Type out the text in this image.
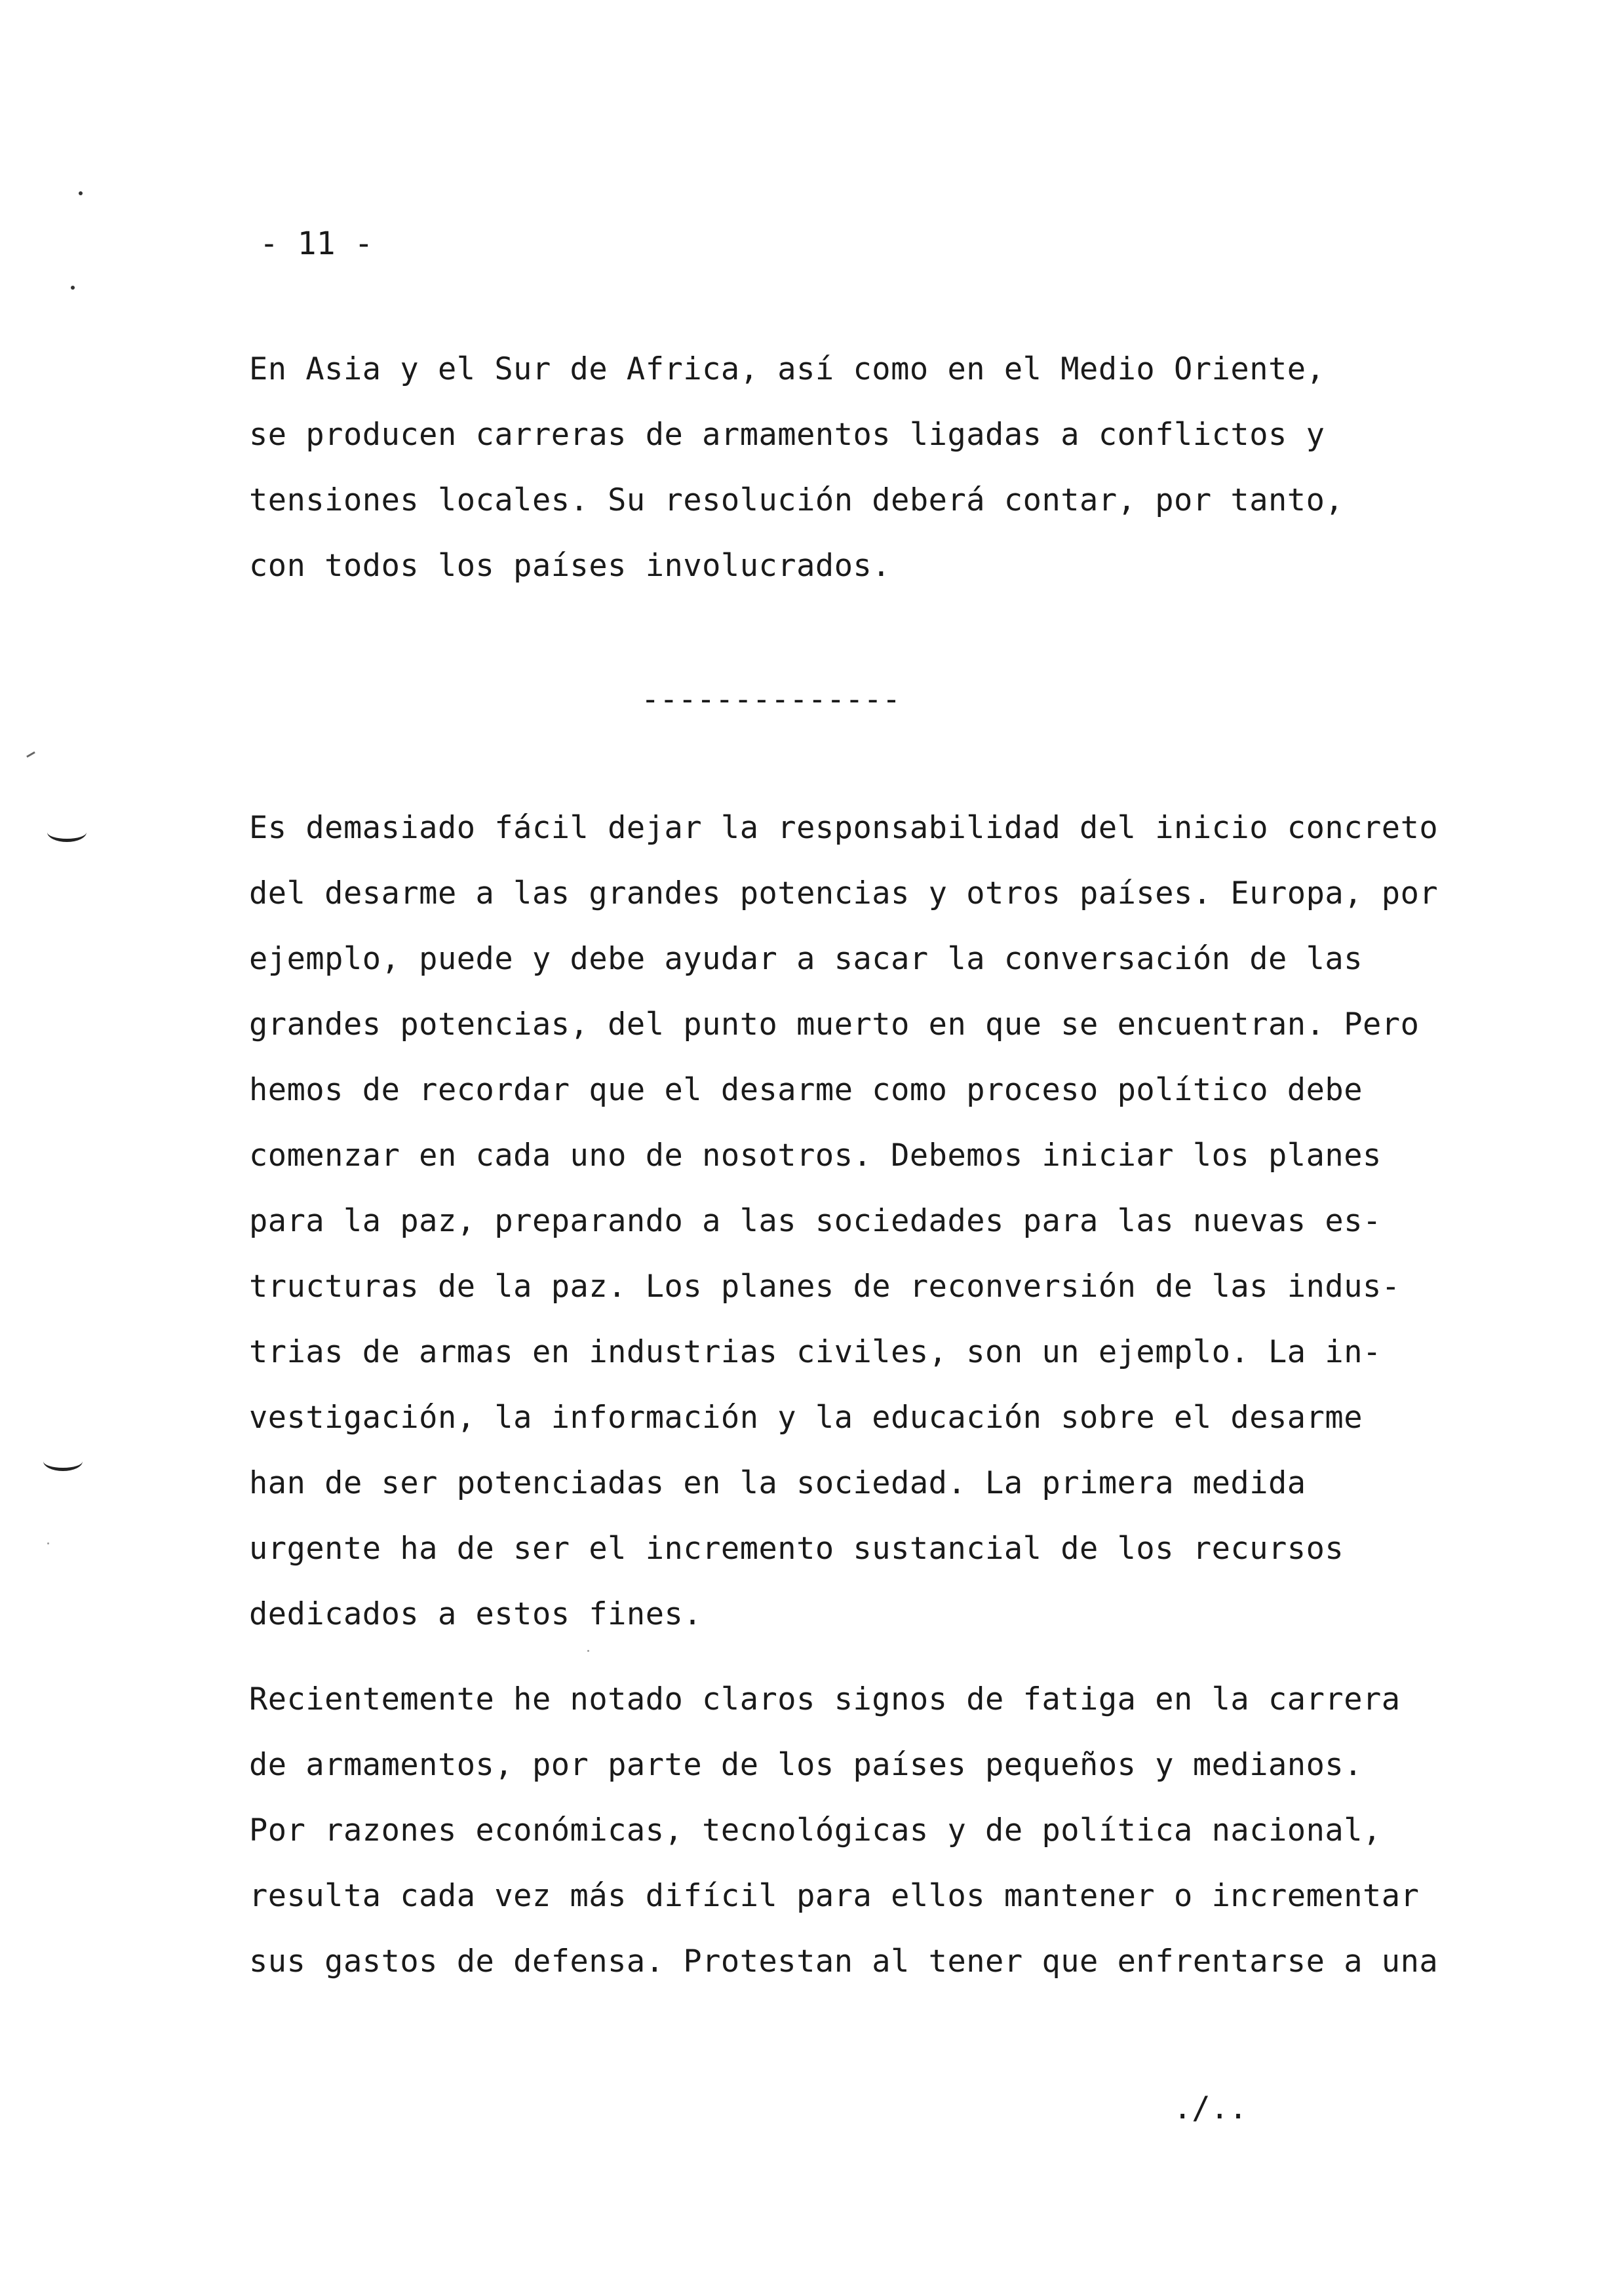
- 11 -
En Asia y el Sur de Africa, así como en el Medio Oriente,
se producen carreras de armamentos ligadas a conflictos y
tensiones locales. Su resolución deberá contar, por tanto,
con todos los países involucrados.
--------------
Es demasiado fácil dejar la responsabilidad del inicio concreto
del desarme a las grandes potencias y otros países. Europa, por
ejemplo, puede y debe ayudar a sacar la conversación de las
grandes potencias, del punto muerto en que se encuentran. Pero
hemos de recordar que el desarme como proceso político debe
comenzar en cada uno de nosotros. Debemos iniciar los planes
para la paz, preparando a las sociedades para las nuevas es-
tructuras de la paz. Los planes de reconversión de las indus-
trias de armas en industrias civiles, son un ejemplo. La in-
vestigación, la información y la educación sobre el desarme
han de ser potenciadas en la sociedad. La primera medida
urgente ha de ser el incremento sustancial de los recursos
dedicados a estos fines.
Recientemente he notado claros signos de fatiga en la carrera
de armamentos, por parte de los países pequeños y medianos.
Por razones económicas, tecnológicas y de política nacional,
resulta cada vez más difícil para ellos mantener o incrementar
sus gastos de defensa. Protestan al tener que enfrentarse a una
./..
